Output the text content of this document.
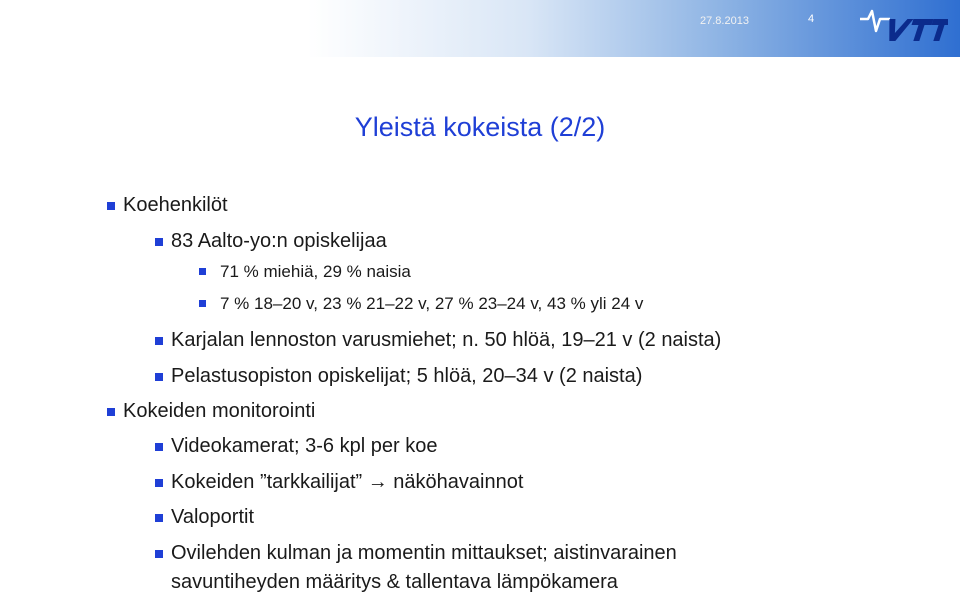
27.8.2013	4
Yleistä kokeista (2/2)
Koehenkilöt
83 Aalto-yo:n opiskelijaa
71 % miehiä, 29 % naisia
7 % 18–20 v, 23 % 21–22 v, 27 % 23–24 v, 43 % yli 24 v
Karjalan lennoston varusmiehet; n. 50 hlöä, 19–21 v (2 naista)
Pelastusopiston opiskelijat; 5 hlöä, 20–34 v (2 naista)
Kokeiden monitorointi
Videokamerat; 3-6 kpl per koe
Kokeiden ”tarkkailijat” → näköhavainnot
Valoportit
Ovilehden kulman ja momentin mittaukset; aistinvarainen
savuntiheyden määritys & tallentava lämpökamera
